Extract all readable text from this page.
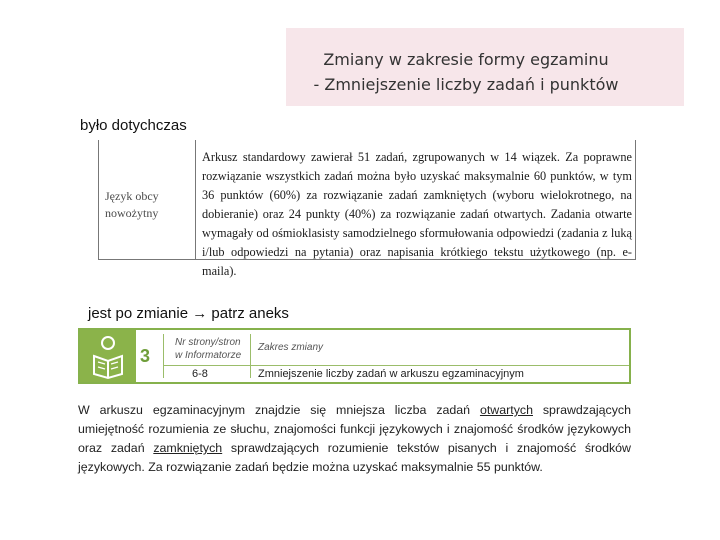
Zmiany w zakresie formy egzaminu
- Zmniejszenie liczby zadań i punktów
było dotychczas
Język obcy nowożytny
Arkusz standardowy zawierał 51 zadań, zgrupowanych w 14 wiązek. Za poprawne rozwiązanie wszystkich zadań można było uzyskać maksymalnie 60 punktów, w tym 36 punktów (60%) za rozwiązanie zadań zamkniętych (wyboru wielokrotnego, na dobieranie) oraz 24 punkty (40%) za rozwiązanie zadań otwartych. Zadania otwarte wymagały od ośmioklasisty samodzielnego sformułowania odpowiedzi (zadania z luką i/lub odpowiedzi na pytania) oraz napisania krótkiego tekstu użytkowego (np. e-maila).
jest po zmianie → patrz aneks
3
Nr strony/stron w Informatorze
Zakres zmiany
6-8	Zmniejszenie liczby zadań w arkuszu egzaminacyjnym
W arkuszu egzaminacyjnym znajdzie się mniejsza liczba zadań otwartych sprawdzających umiejętność rozumienia ze słuchu, znajomości funkcji językowych i znajomość środków językowych oraz zadań zamkniętych sprawdzających rozumienie tekstów pisanych i znajomość środków językowych. Za rozwiązanie zadań będzie można uzyskać maksymalnie 55 punktów.
